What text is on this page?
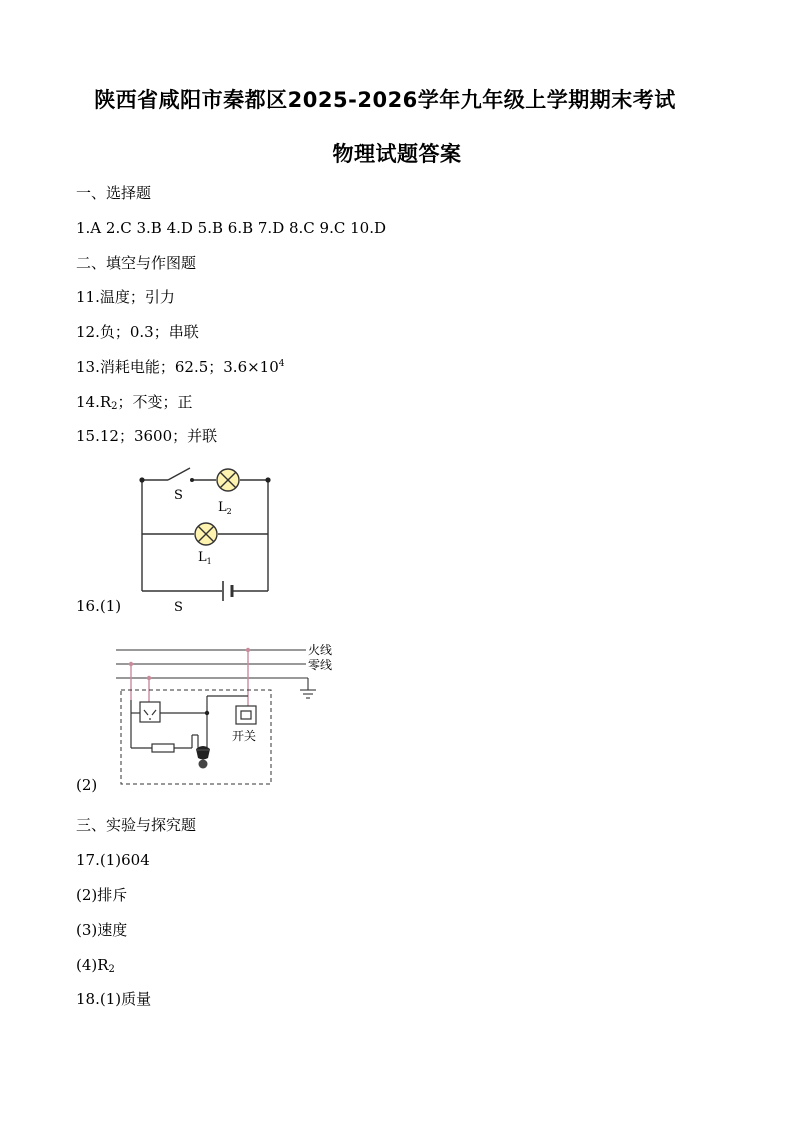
陕西省咸阳市秦都区2025-2026学年九年级上学期期末考试
物理试题答案
一、选择题
1.A 2.C 3.B 4.D 5.B 6.B 7.D 8.C 9.C 10.D
二、填空与作图题
11.温度；引力
12.负；0.3；串联
13.消耗电能；62.5；$3.6\times 10^4$
$14.R_2$；不变；正
15.12；3600；并联
16.(1)
S
$L_2$
$L_1$
S
火线
零线
开关
(2)
三、实验与探究题
17.(1)604
(2)排斥
(3)速度
$(4)R_2$
18.(1)质量
